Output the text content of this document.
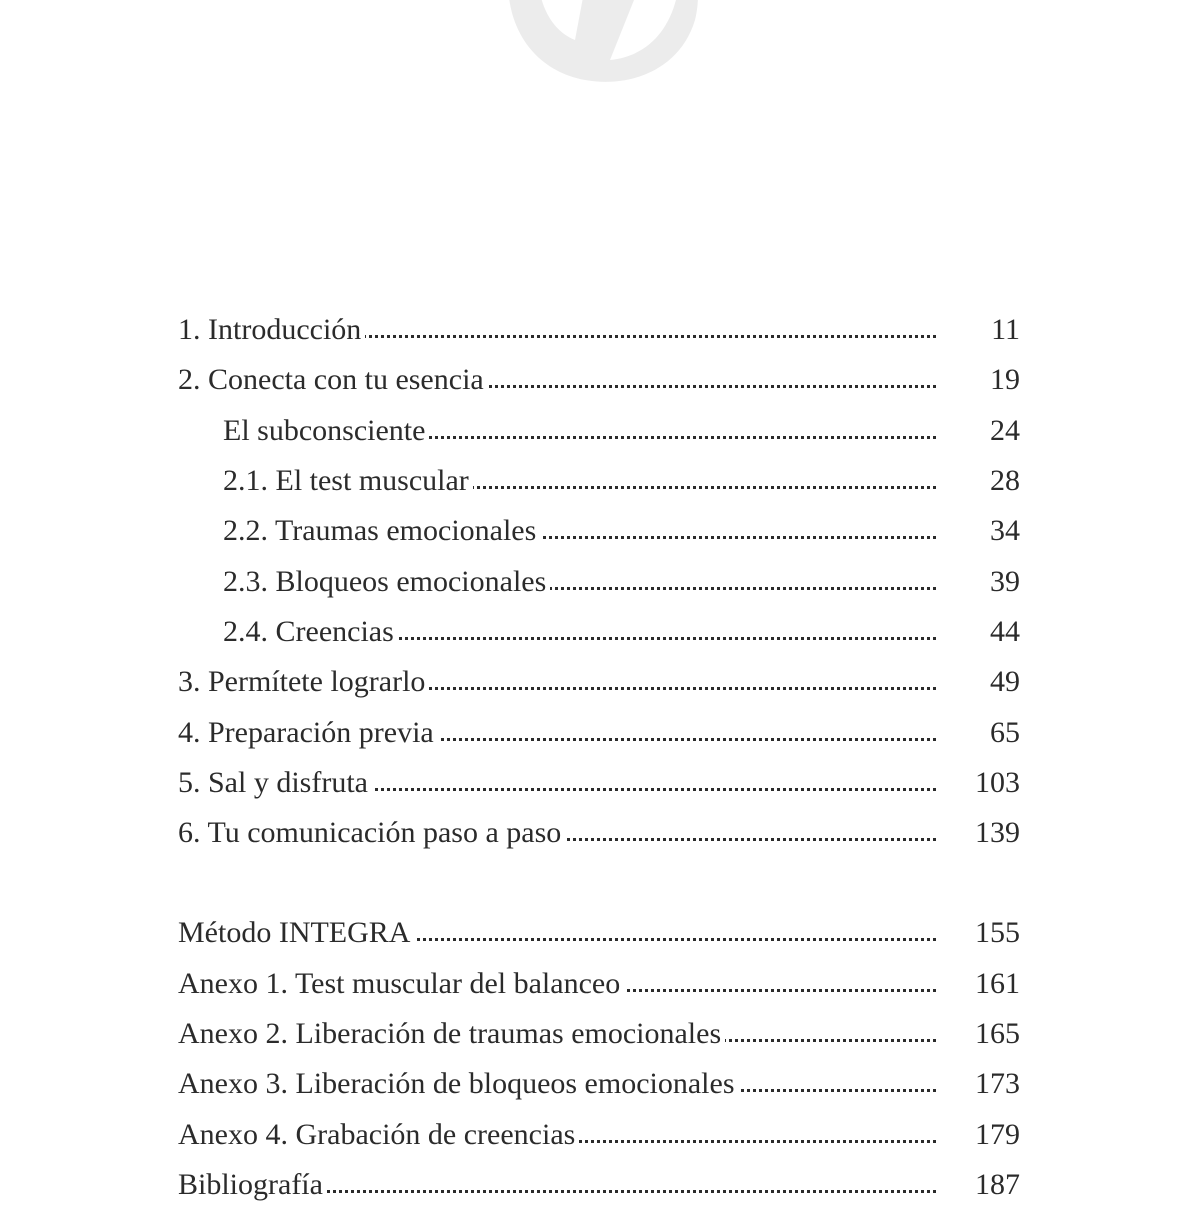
1. Introducción	11
2. Conecta con tu esencia	19
El subconsciente	24
2.1. El test muscular	28
2.2. Traumas emocionales	34
2.3. Bloqueos emocionales	39
2.4. Creencias	44
3. Permítete lograrlo	49
4. Preparación previa	65
5. Sal y disfruta	103
6. Tu comunicación paso a paso	139
Método INTEGRA	155
Anexo 1. Test muscular del balanceo	161
Anexo 2. Liberación de traumas emocionales	165
Anexo 3. Liberación de bloqueos emocionales	173
Anexo 4. Grabación de creencias	179
Bibliografía	187
